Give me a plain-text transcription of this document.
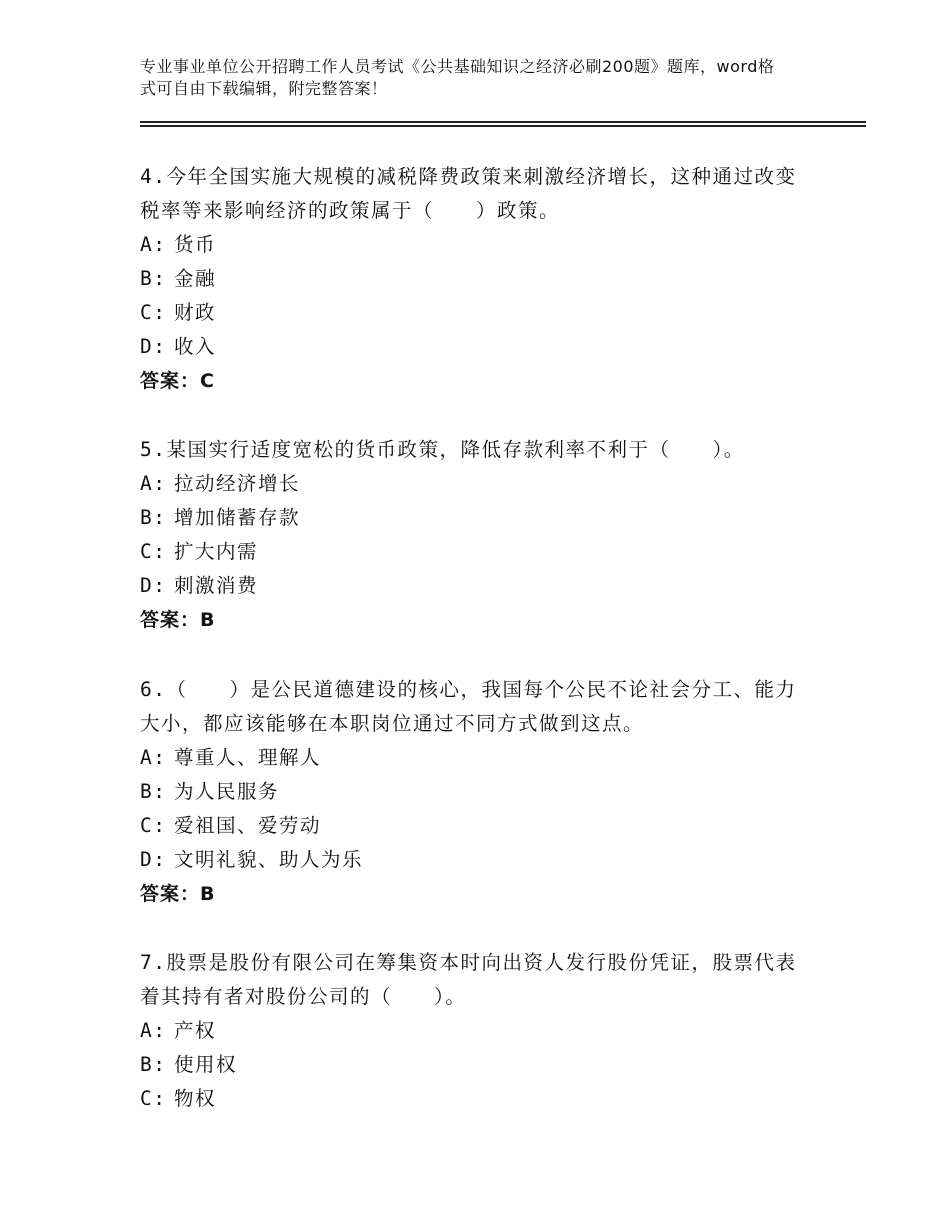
专业事业单位公开招聘工作人员考试《公共基础知识之经济必刷200题》题库，word格式可自由下载编辑，附完整答案！
4.今年全国实施大规模的减税降费政策来刺激经济增长，这种通过改变税率等来影响经济的政策属于（　　）政策。
A: 货币
B: 金融
C: 财政
D: 收入
答案：C
5.某国实行适度宽松的货币政策，降低存款利率不利于（　　）。
A: 拉动经济增长
B: 增加储蓄存款
C: 扩大内需
D: 刺激消费
答案：B
6.（　　）是公民道德建设的核心，我国每个公民不论社会分工、能力大小，都应该能够在本职岗位通过不同方式做到这点。
A: 尊重人、理解人
B: 为人民服务
C: 爱祖国、爱劳动
D: 文明礼貌、助人为乐
答案：B
7.股票是股份有限公司在筹集资本时向出资人发行股份凭证，股票代表着其持有者对股份公司的（　　）。
A: 产权
B: 使用权
C: 物权
